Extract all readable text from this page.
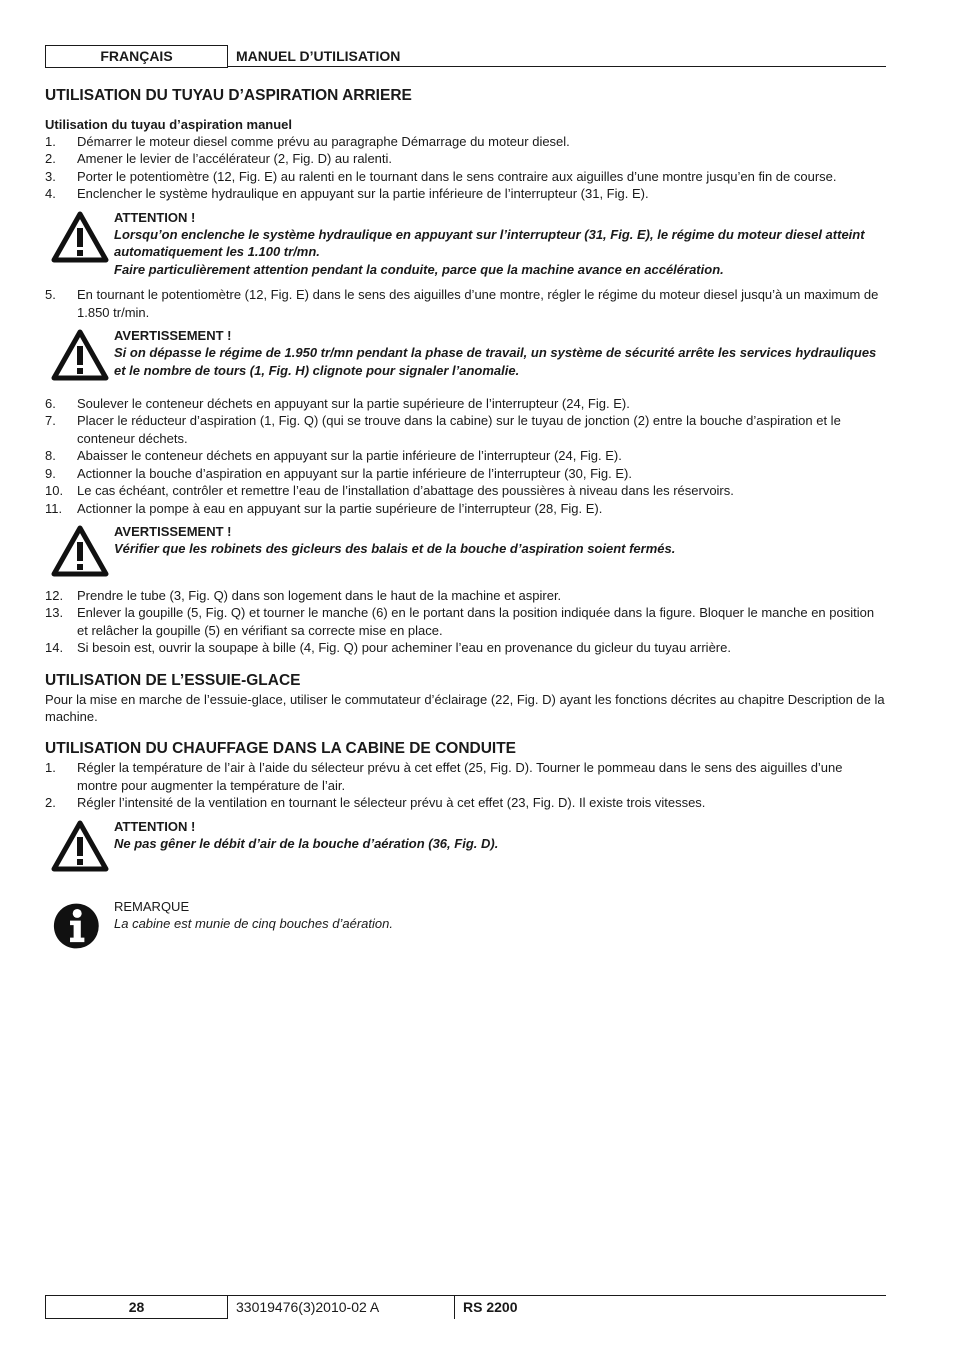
FRANÇAIS	MANUEL D’UTILISATION
UTILISATION DU TUYAU D’ASPIRATION ARRIERE
Utilisation du tuyau d’aspiration manuel
1. Démarrer le moteur diesel comme prévu au paragraphe Démarrage du moteur diesel.
2. Amener le levier de l’accélérateur (2, Fig. D) au ralenti.
3. Porter le potentiomètre (12, Fig. E) au ralenti en le tournant dans le sens contraire aux aiguilles d’une montre jusqu’en fin de course.
4. Enclencher le système hydraulique en appuyant sur la partie inférieure de l’interrupteur (31, Fig. E).
ATTENTION !
Lorsqu’on enclenche le système hydraulique en appuyant sur l’interrupteur (31, Fig. E), le régime du moteur diesel atteint automatiquement les 1.100 tr/mn.
Faire particulièrement attention pendant la conduite, parce que la machine avance en accélération.
5. En tournant le potentiomètre (12, Fig. E) dans le sens des aiguilles d’une montre, régler le régime du moteur diesel jusqu’à un maximum de 1.850 tr/min.
AVERTISSEMENT !
Si on dépasse le régime de 1.950 tr/mn pendant la phase de travail, un système de sécurité arrête les services hydrauliques et le nombre de tours (1, Fig. H) clignote pour signaler l’anomalie.
6. Soulever le conteneur déchets en appuyant sur la partie supérieure de l’interrupteur (24, Fig. E).
7. Placer le réducteur d’aspiration (1, Fig. Q) (qui se trouve dans la cabine) sur le tuyau de jonction (2) entre la bouche d’aspiration et le conteneur déchets.
8. Abaisser le conteneur déchets en appuyant sur la partie inférieure de l’interrupteur (24, Fig. E).
9. Actionner la bouche d’aspiration en appuyant sur la partie inférieure de l’interrupteur (30, Fig. E).
10. Le cas échéant, contrôler et remettre l’eau de l’installation d’abattage des poussières à niveau dans les réservoirs.
11. Actionner la pompe à eau en appuyant sur la partie supérieure de l’interrupteur (28, Fig. E).
AVERTISSEMENT !
Vérifier que les robinets des gicleurs des balais et de la bouche d’aspiration soient fermés.
12. Prendre le tube (3, Fig. Q) dans son logement dans le haut de la machine et aspirer.
13. Enlever la goupille (5, Fig. Q) et tourner le manche (6) en le portant dans la position indiquée dans la figure. Bloquer le manche en position et relâcher la goupille (5) en vérifiant sa correcte mise en place.
14. Si besoin est, ouvrir la soupape à bille (4, Fig. Q) pour acheminer l’eau en provenance du gicleur du tuyau arrière.
UTILISATION DE L’ESSUIE-GLACE

Pour la mise en marche de l’essuie-glace, utiliser le commutateur d’éclairage (22, Fig. D) ayant les fonctions décrites au chapitre Description de la machine.

UTILISATION DU CHAUFFAGE DANS LA CABINE DE CONDUITE
1. Régler la température de l’air à l’aide du sélecteur prévu à cet effet (25, Fig. D). Tourner le pommeau dans le sens des aiguilles d’une montre pour augmenter la température de l’air.
2. Régler l’intensité de la ventilation en tournant le sélecteur prévu à cet effet (23, Fig. D). Il existe trois vitesses.
ATTENTION !
Ne pas gêner le débit d’air de la bouche d’aération (36, Fig. D).
REMARQUE
La cabine est munie de cinq bouches d’aération.
28	33019476(3)2010-02 A	RS 2200
